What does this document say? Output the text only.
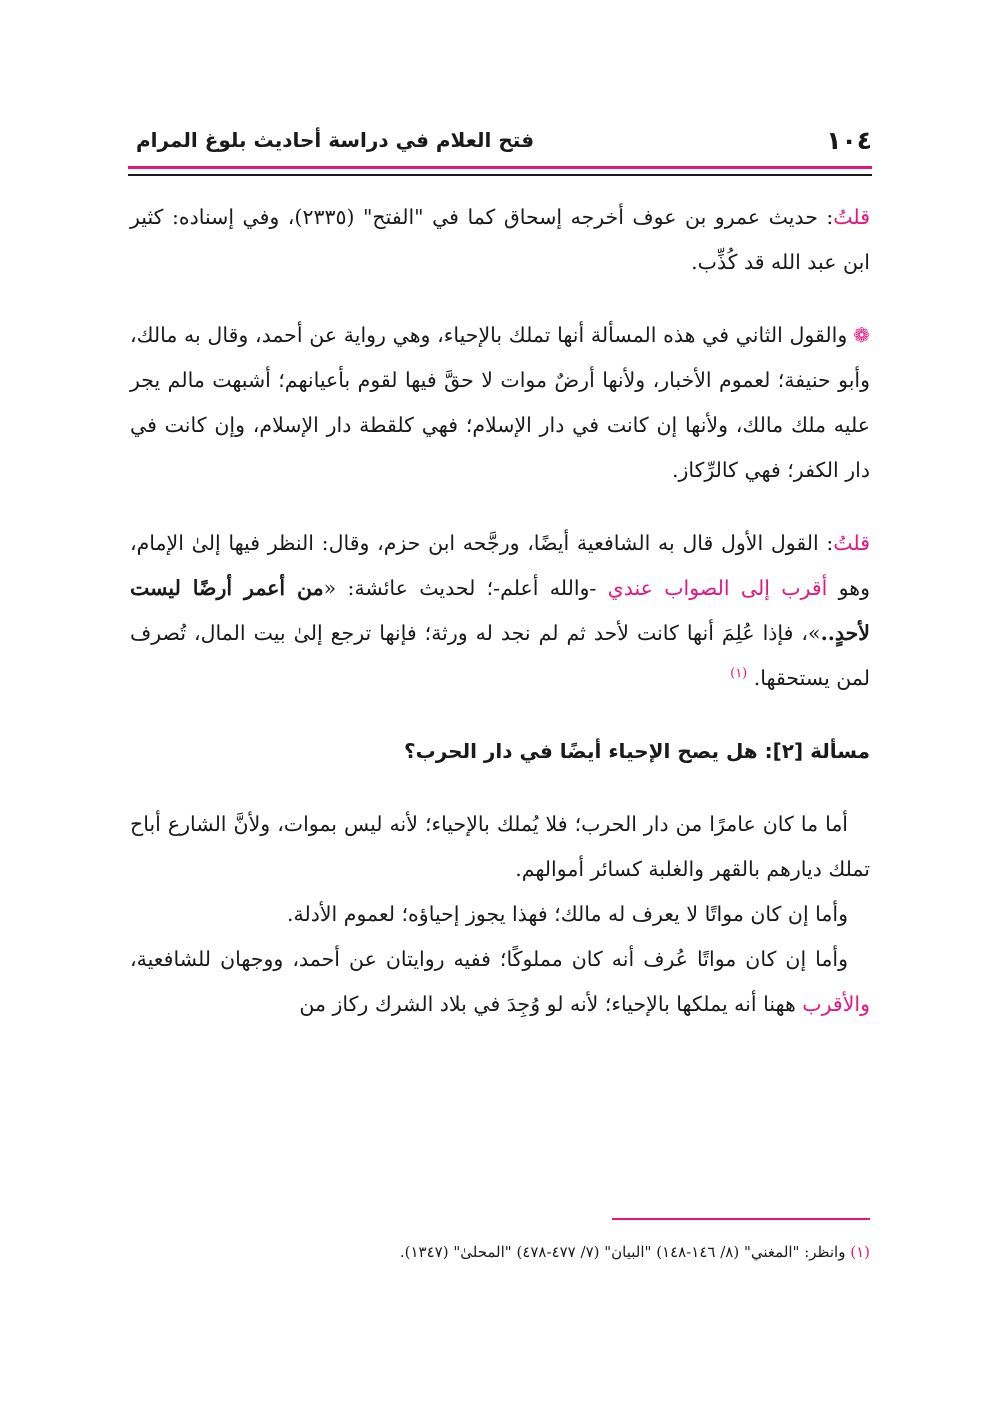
١٠٤
فتح العلام في دراسة أحاديث بلوغ المرام

قلتُ: حديث عمرو بن عوف أخرجه إسحاق كما في "الفتح" (٢٣٣٥)، وفي إسناده: كثير ابن عبد الله قد كُذِّب.

❁والقول الثاني في هذه المسألة أنها تملك بالإحياء، وهي رواية عن أحمد، وقال به مالك، وأبو حنيفة؛ لعموم الأخبار، ولأنها أرضٌ موات لا حقَّ فيها لقوم بأعيانهم؛ أشبهت مالم يجر عليه ملك مالك، ولأنها إن كانت في دار الإسلام؛ فهي كلقطة دار الإسلام، وإن كانت في دار الكفر؛ فهي كالرِّكاز.

قلتُ: القول الأول قال به الشافعية أيضًا، ورجَّحه ابن حزم، وقال: النظر فيها إلىٰ الإمام، وهو أقرب إلى الصواب عندي -والله أعلم-؛ لحديث عائشة: «من أعمر أرضًا ليست لأحدٍ..»، فإذا عُلِمَ أنها كانت لأحد ثم لم نجد له ورثة؛ فإنها ترجع إلىٰ بيت المال، تُصرف لمن يستحقها. $^{(١)}$

مسألة [٢]: هل يصح الإحياء أيضًا في دار الحرب؟

أما ما كان عامرًا من دار الحرب؛ فلا يُملك بالإحياء؛ لأنه ليس بموات، ولأنَّ الشارع أباح تملك ديارهم بالقهر والغلبة كسائر أموالهم.

وأما إن كان مواتًا لا يعرف له مالك؛ فهذا يجوز إحياؤه؛ لعموم الأدلة.

وأما إن كان مواتًا عُرف أنه كان مملوكًا؛ ففيه روايتان عن أحمد، ووجهان للشافعية، والأقرب ههنا أنه يملكها بالإحياء؛ لأنه لو وُجِدَ في بلاد الشرك ركاز من

(١) وانظر: "المغني" (٨/ ١٤٦-١٤٨) "البيان" (٧/ ٤٧٧-٤٧٨) "المحلىٰ" (١٣٤٧).
